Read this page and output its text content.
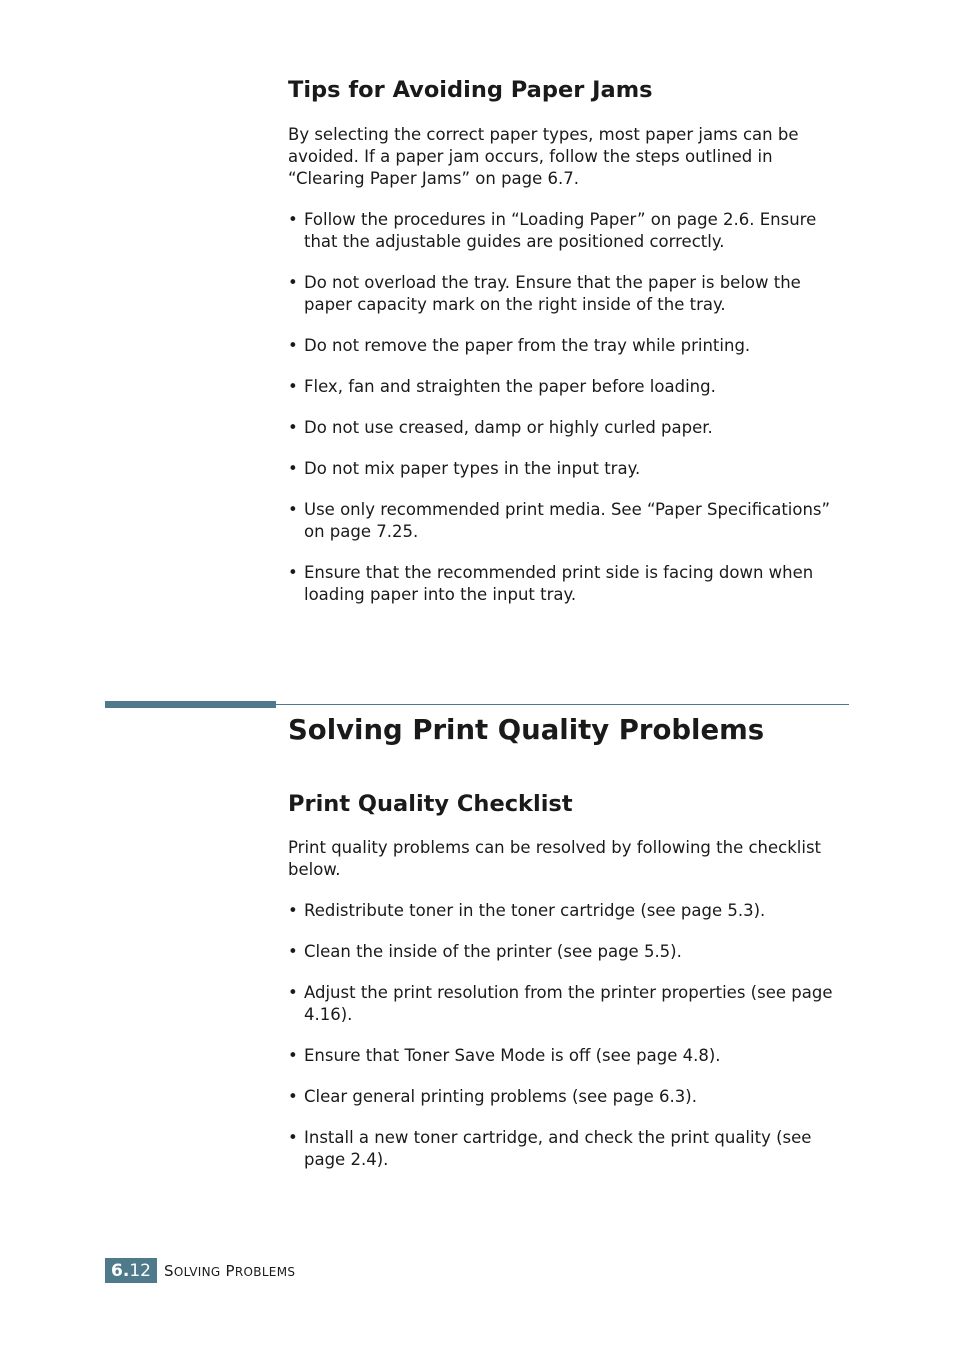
Tips for Avoiding Paper Jams

By selecting the correct paper types, most paper jams can be avoided. If a paper jam occurs, follow the steps outlined in “Clearing Paper Jams” on page 6.7.

• Follow the procedures in “Loading Paper” on page 2.6. Ensure that the adjustable guides are positioned correctly.
• Do not overload the tray. Ensure that the paper is below the paper capacity mark on the right inside of the tray.
• Do not remove the paper from the tray while printing.
• Flex, fan and straighten the paper before loading.
• Do not use creased, damp or highly curled paper.
• Do not mix paper types in the input tray.
• Use only recommended print media. See “Paper Specifications” on page 7.25.
• Ensure that the recommended print side is facing down when loading paper into the input tray.
Solving Print Quality Problems
Print Quality Checklist

Print quality problems can be resolved by following the checklist below.

• Redistribute toner in the toner cartridge (see page 5.3).
• Clean the inside of the printer (see page 5.5).
• Adjust the print resolution from the printer properties (see page 4.16).
• Ensure that Toner Save Mode is off (see page 4.8).
• Clear general printing problems (see page 6.3).
• Install a new toner cartridge, and check the print quality (see page 2.4).
6. 12 SOLVING PROBLEMS
